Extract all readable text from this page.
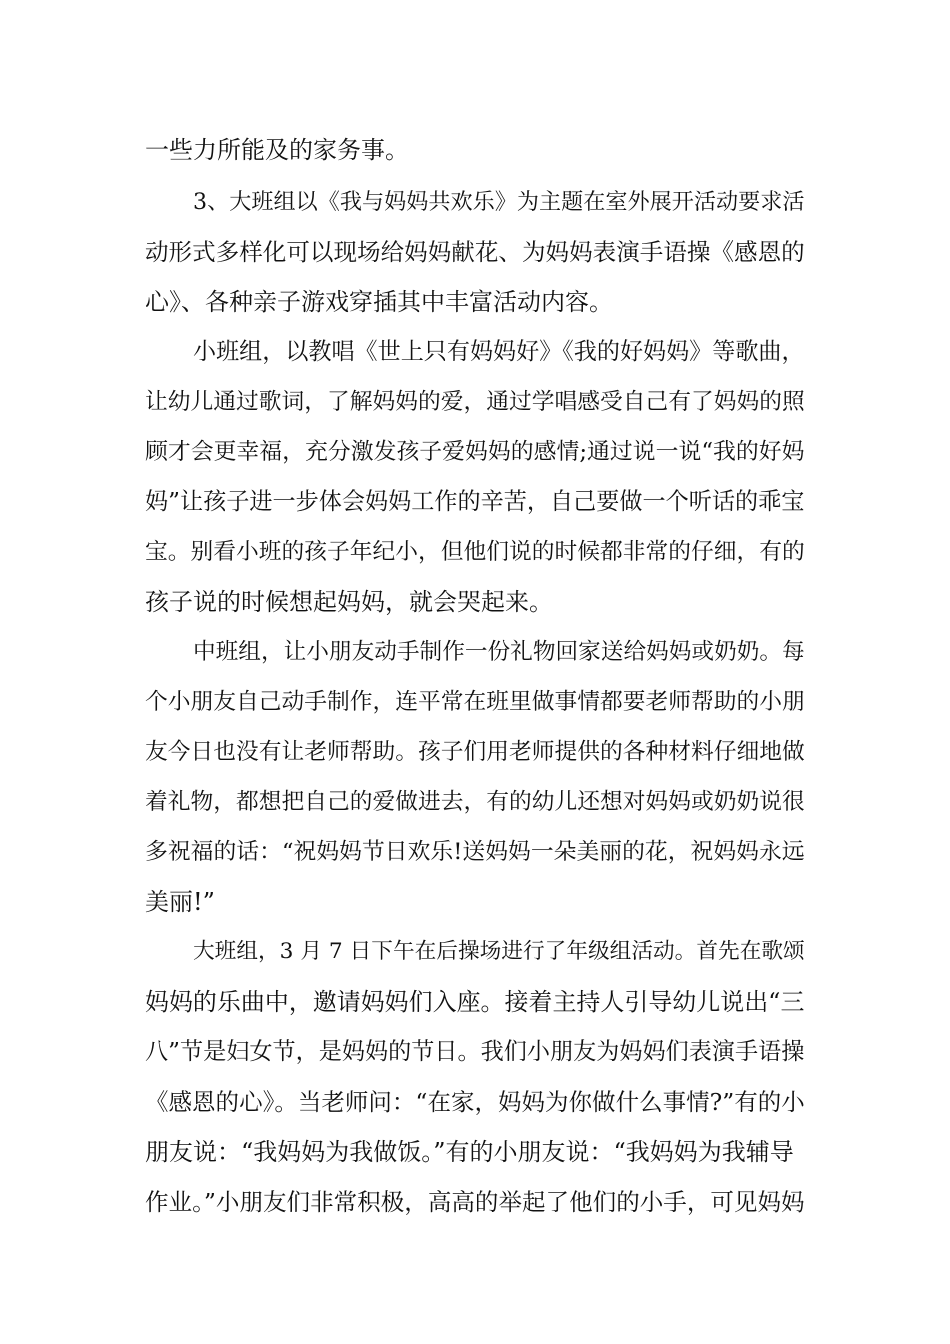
一些力所能及的家务事。
3、大班组以《我与妈妈共欢乐》为主题在室外展开活动要求活
动形式多样化可以现场给妈妈献花、为妈妈表演手语操《感恩的
心》、各种亲子游戏穿插其中丰富活动内容。
小班组，以教唱《世上只有妈妈好》《我的好妈妈》等歌曲，
让幼儿通过歌词，了解妈妈的爱，通过学唱感受自己有了妈妈的照
顾才会更幸福，充分激发孩子爱妈妈的感情;通过说一说“我的好妈
妈”让孩子进一步体会妈妈工作的辛苦，自己要做一个听话的乖宝
宝。别看小班的孩子年纪小，但他们说的时候都非常的仔细，有的
孩子说的时候想起妈妈，就会哭起来。
中班组，让小朋友动手制作一份礼物回家送给妈妈或奶奶。每
个小朋友自己动手制作，连平常在班里做事情都要老师帮助的小朋
友今日也没有让老师帮助。孩子们用老师提供的各种材料仔细地做
着礼物，都想把自己的爱做进去，有的幼儿还想对妈妈或奶奶说很
多祝福的话：“祝妈妈节日欢乐!送妈妈一朵美丽的花，祝妈妈永远
美丽!”
大班组，3 月 7 日下午在后操场进行了年级组活动。首先在歌颂
妈妈的乐曲中，邀请妈妈们入座。接着主持人引导幼儿说出“三
八”节是妇女节，是妈妈的节日。我们小朋友为妈妈们表演手语操
《感恩的心》。当老师问：“在家，妈妈为你做什么事情?”有的小
朋友说：“我妈妈为我做饭。”有的小朋友说：“我妈妈为我辅导
作业。”小朋友们非常积极，高高的举起了他们的小手，可见妈妈
